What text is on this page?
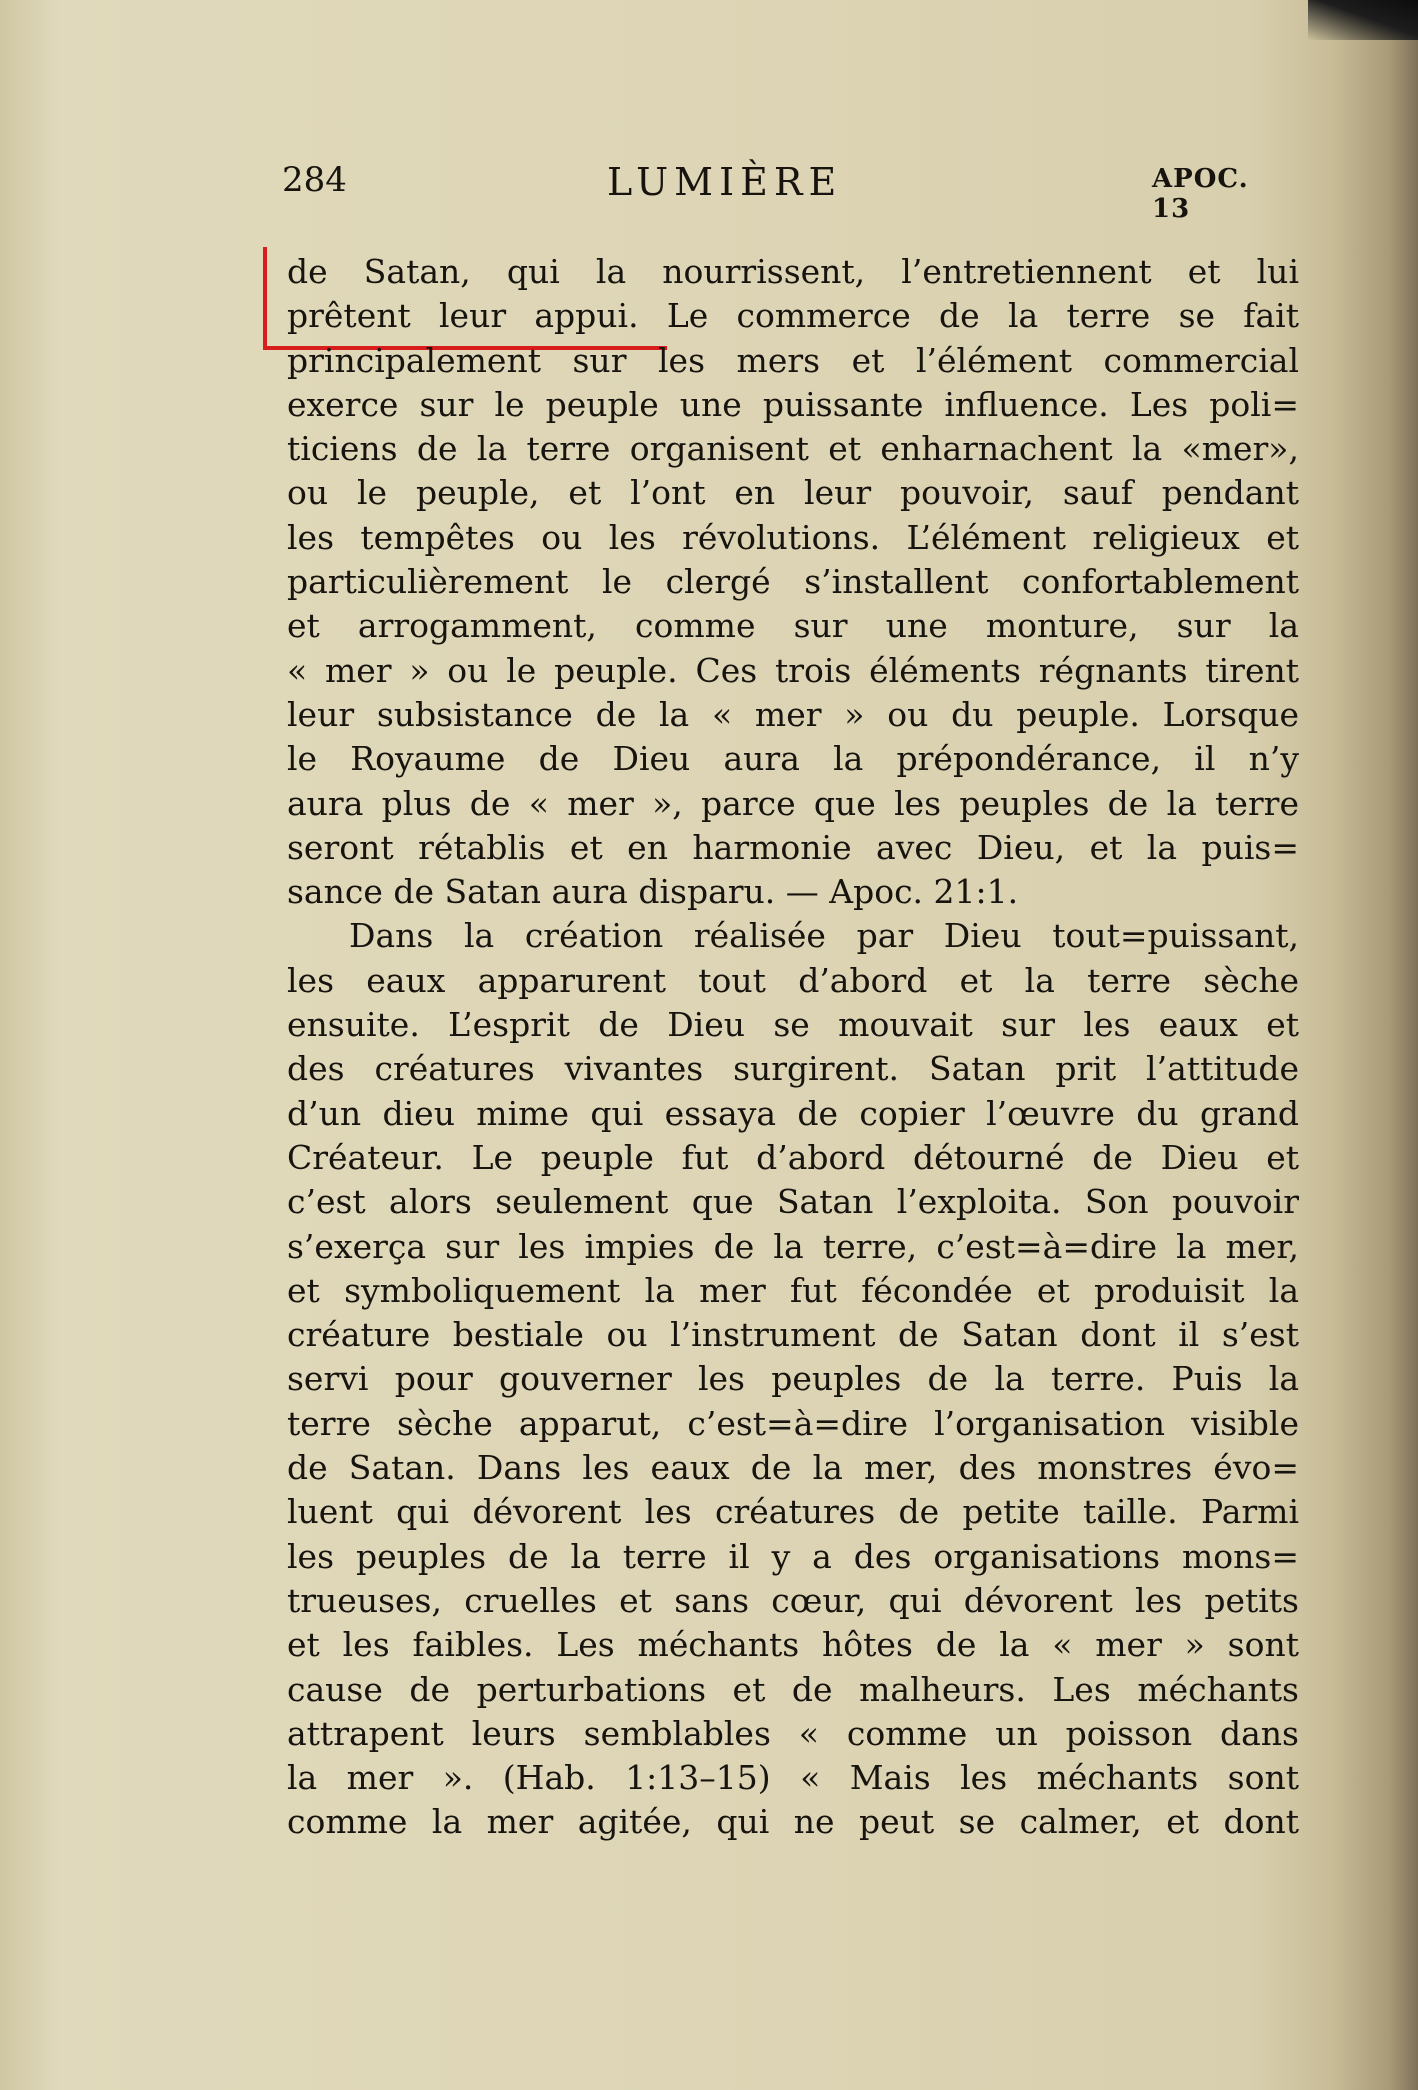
284	LUMIÈRE	APOC. 13
de Satan, qui la nourrissent, l’entretiennent et lui
prêtent leur appui. Le commerce de la terre se fait
principalement sur les mers et l’élément commercial
exerce sur le peuple une puissante influence. Les poli=
ticiens de la terre organisent et enharnachent la «mer»,
ou le peuple, et l’ont en leur pouvoir, sauf pendant
les tempêtes ou les révolutions. L’élément religieux et
particulièrement le clergé s’installent confortablement
et arrogamment, comme sur une monture, sur la
« mer » ou le peuple. Ces trois éléments régnants tirent
leur subsistance de la « mer » ou du peuple. Lorsque
le Royaume de Dieu aura la prépondérance, il n’y
aura plus de « mer », parce que les peuples de la terre
seront rétablis et en harmonie avec Dieu, et la puis=
sance de Satan aura disparu. — Apoc. 21:1.
Dans la création réalisée par Dieu tout=puissant,
les eaux apparurent tout d’abord et la terre sèche
ensuite. L’esprit de Dieu se mouvait sur les eaux et
des créatures vivantes surgirent. Satan prit l’attitude
d’un dieu mime qui essaya de copier l’œuvre du grand
Créateur. Le peuple fut d’abord détourné de Dieu et
c’est alors seulement que Satan l’exploita. Son pouvoir
s’exerça sur les impies de la terre, c’est=à=dire la mer,
et symboliquement la mer fut fécondée et produisit la
créature bestiale ou l’instrument de Satan dont il s’est
servi pour gouverner les peuples de la terre. Puis la
terre sèche apparut, c’est=à=dire l’organisation visible
de Satan. Dans les eaux de la mer, des monstres évo=
luent qui dévorent les créatures de petite taille. Parmi
les peuples de la terre il y a des organisations mons=
trueuses, cruelles et sans cœur, qui dévorent les petits
et les faibles. Les méchants hôtes de la « mer » sont
cause de perturbations et de malheurs. Les méchants
attrapent leurs semblables « comme un poisson dans
la mer ». (Hab. 1:13–15) « Mais les méchants sont
comme la mer agitée, qui ne peut se calmer, et dont
